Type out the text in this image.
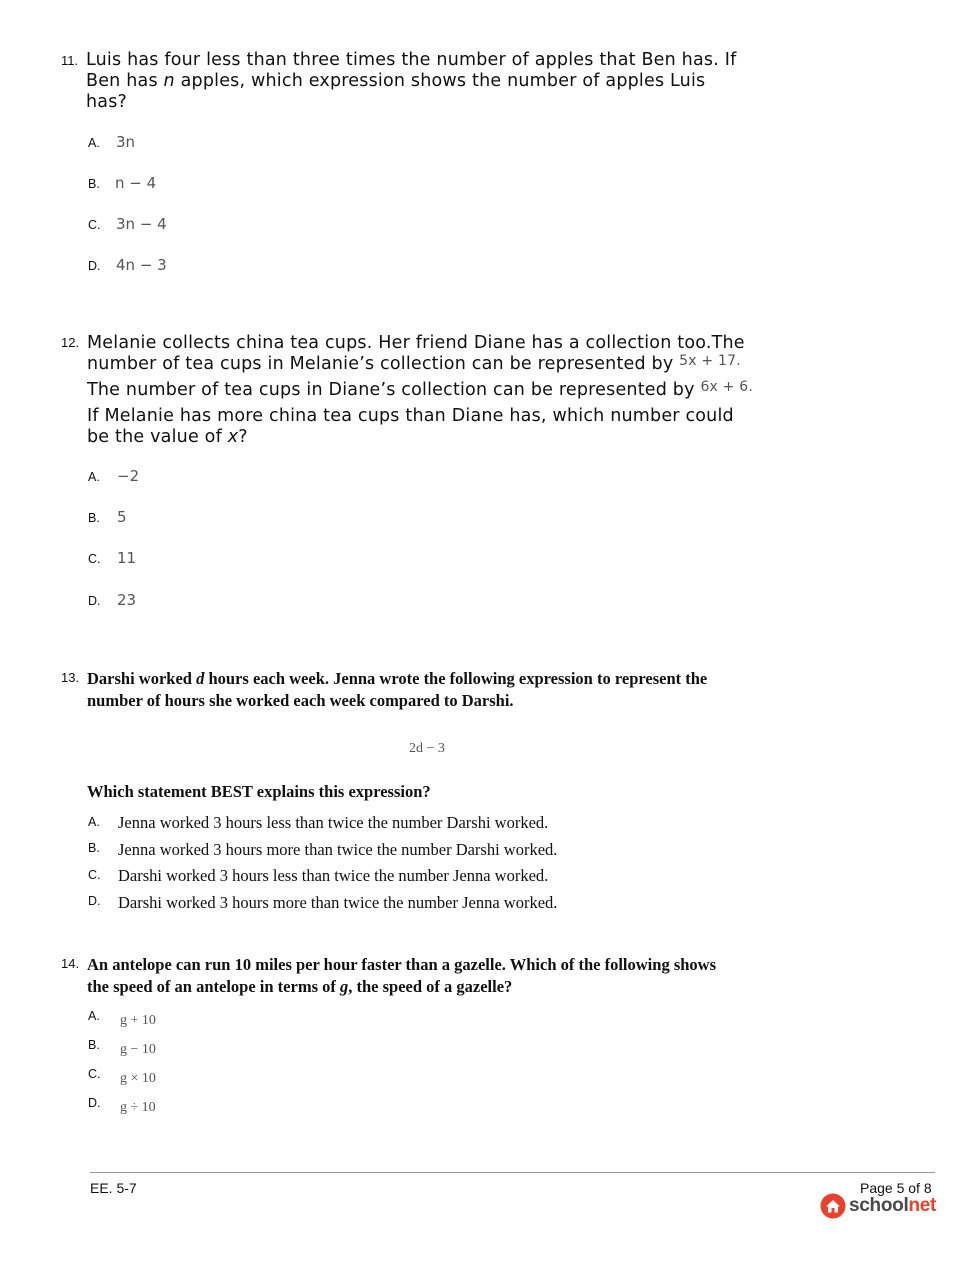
11. Luis has four less than three times the number of apples that Ben has. If
Ben has n apples, which expression shows the number of apples Luis
has?
A. 3n
B. n − 4
C. 3n − 4
D. 4n − 3
12. Melanie collects china tea cups. Her friend Diane has a collection too.The
number of tea cups in Melanie’s collection can be represented by $^{5x + 17.}$
The number of tea cups in Diane’s collection can be represented by $^{6x + 6.}$
If Melanie has more china tea cups than Diane has, which number could
be the value of x?
A. −2
B. 5
C. 11
D. 23
13. Darshi worked d hours each week. Jenna wrote the following expression to represent the
number of hours she worked each week compared to Darshi.
2d − 3
Which statement BEST explains this expression?
A. Jenna worked 3 hours less than twice the number Darshi worked.
B. Jenna worked 3 hours more than twice the number Darshi worked.
C. Darshi worked 3 hours less than twice the number Jenna worked.
D. Darshi worked 3 hours more than twice the number Jenna worked.
14. An antelope can run 10 miles per hour faster than a gazelle. Which of the following shows
the speed of an antelope in terms of g, the speed of a gazelle?
A. g + 10
B. g − 10
C. g × 10
D. g ÷ 10
EE. 5-7	Page 5 of 8
schoolnet
